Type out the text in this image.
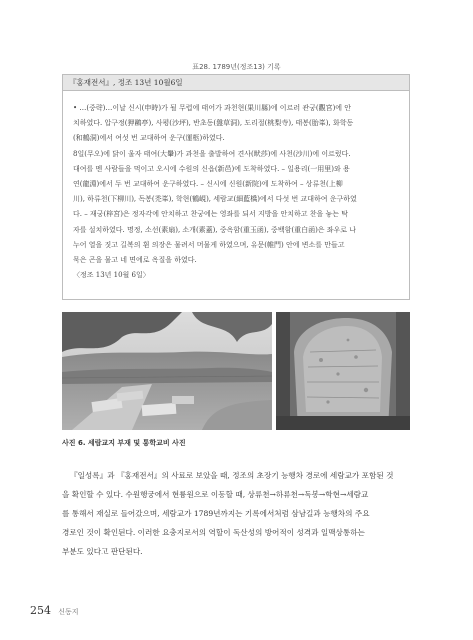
표28. 1789년(정조13) 기록
『홍재전서』, 정조 13년 10월6일

• …(중략)…이날 신시(申時)가 될 무렵에 태어가 과천현(果川縣)에 이르러 관궁(觀宮)에 안

치하였다. 압구정(狎鷗亭), 사평(沙坪), 반초동(盤草洞), 도리절(桃梨寺), 태봉(胎峯), 화학동

(和鶴洞)에서 여섯 번 교대하여 운구(運柩)하였다.

8일(무오)에 닭이 울자 태여(大轝)가 과천을 출발하여 견사(畎莎)에 사천(沙川)에 이르렀다.

대여를 멘 사람들을 먹이고 오시에 수원의 신읍(新邑)에 도착하였다. – 일용리(一用里)와 용

연(龍淵)에서 두 번 교대하여 운구하였다. – 신시에 신원(新院)에 도착하여 – 상류천(上柳

川), 하류천(下柳川), 독봉(禿峯), 학현(鶴峴), 세람교(細藍橋)에서 다섯 번 교대하여 운구하였

다. – 재궁(梓宮)은 정자각에 안치하고 찬궁에는 영좌를 되서 지방을 안치하고 찬을 놓는 탁

자를 설치하였다. 명정, 소선(素扇), 소개(素蓋), 중옥함(重玉函), 중백함(重白函)은 좌우로 나

누어 열을 짓고 길복의 휜 의장은 물려서 머물게 하였으며, 유문(帷門) 안에 변소를 만들고

묵은 곤을 물고 네 면에로 옥질을 하였다.

〈정조 13년 10월 6일〉

사진 6. 세람교지 부재 및 통학교비 사진

『일성록』과 『홍재전서』의 사료로 보았을 때, 정조의 초장기 능행차 경로에 세람교가 포함된 것

을 확인할 수 있다. 수원행궁에서 현륭원으로 이동할 때, 상류천→하류천→독봉→학현→세람교

를 통해서 재실로 들어갔으며, 세람교가 1789년까지는 기록에서처럼 삼남길과 능행차의 주요

경로인 것이 확인된다. 이러한 요충지로서의 역할이 독산성의 방어적이 성격과 일맥상통하는

부분도 있다고 판단된다.

254 신동지
